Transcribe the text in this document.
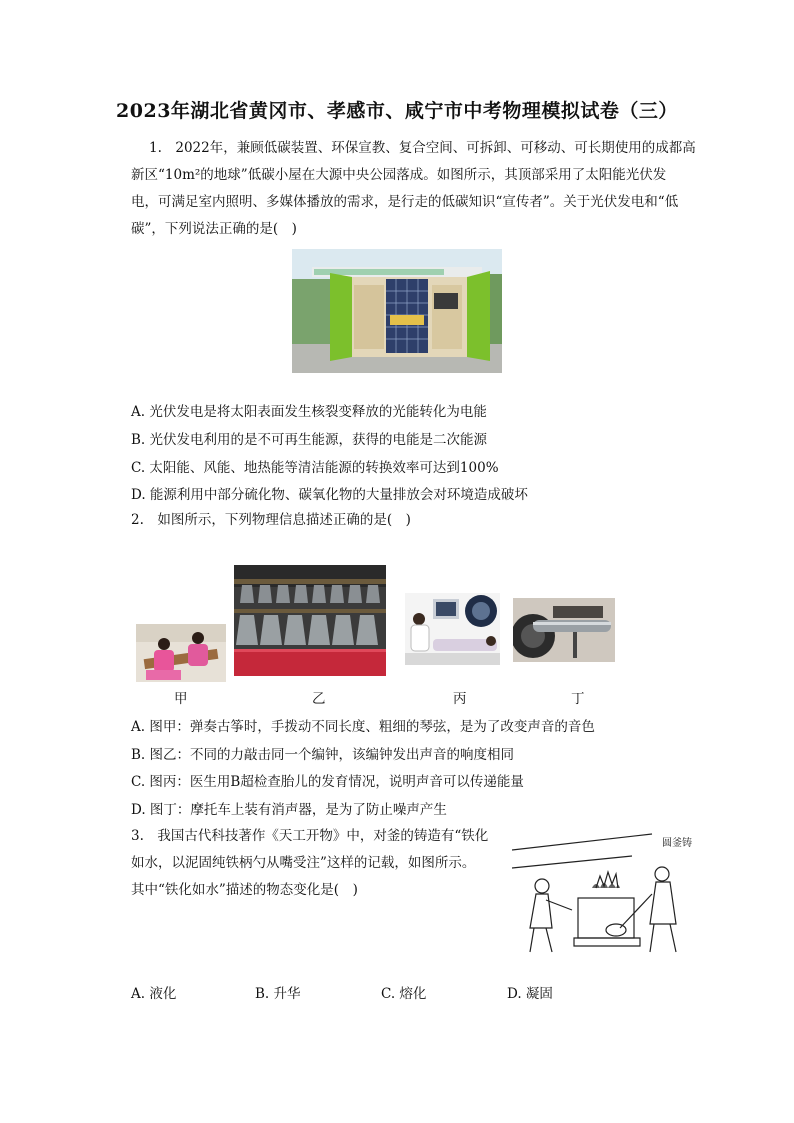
2023年湖北省黄冈市、孝感市、咸宁市中考物理模拟试卷（三）
1.　2022年，兼顾低碳装置、环保宣教、复合空间、可拆卸、可移动、可长期使用的成都高
新区“10m²的地球”低碳小屋在大源中央公园落成。如图所示，其顶部采用了太阳能光伏发
电，可满足室内照明、多媒体播放的需求，是行走的低碳知识“宣传者”。关于光伏发电和“低
碳”，下列说法正确的是(　)
A. 光伏发电是将太阳表面发生核裂变释放的光能转化为电能
B. 光伏发电利用的是不可再生能源，获得的电能是二次能源
C. 太阳能、风能、地热能等清洁能源的转换效率可达到100%
D. 能源利用中部分硫化物、碳氧化物的大量排放会对环境造成破坏
2.　如图所示，下列物理信息描述正确的是(　)
甲	乙	丙	丁
A. 图甲：弹奏古筝时，手拨动不同长度、粗细的琴弦，是为了改变声音的音色
B. 图乙：不同的力敲击同一个编钟，该编钟发出声音的响度相同
C. 图丙：医生用B超检查胎儿的发育情况，说明声音可以传递能量
D. 图丁：摩托车上装有消声器，是为了防止噪声产生
3.　我国古代科技著作《天工开物》中，对釜的铸造有“铁化
如水，以泥固纯铁柄勺从嘴受注”这样的记载，如图所示。
其中“铁化如水”描述的物态变化是(　)
圆釜铸
A. 液化	B. 升华	C. 熔化	D. 凝固
